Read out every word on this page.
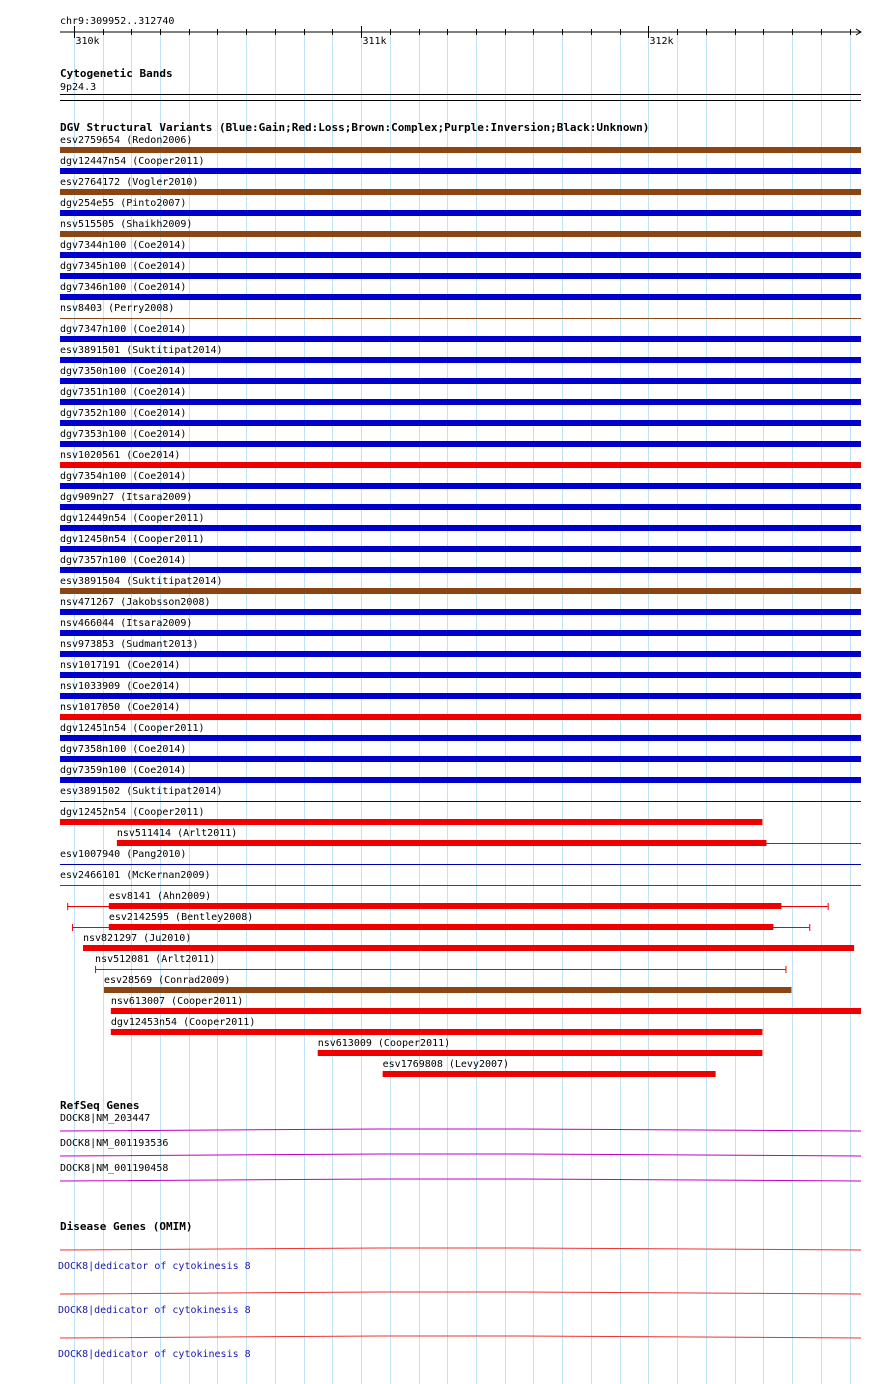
chr9:309952..312740
310k	311k	312k
Cytogenetic Bands
9p24.3
DGV Structural Variants (Blue:Gain;Red:Loss;Brown:Complex;Purple:Inversion;Black:Unknown)
esv2759654 (Redon2006)
dgv12447n54 (Cooper2011)
esv2764172 (Vogler2010)
dgv254e55 (Pinto2007)
nsv515505 (Shaikh2009)
dgv7344n100 (Coe2014)
dgv7345n100 (Coe2014)
dgv7346n100 (Coe2014)
nsv8403 (Perry2008)
dgv7347n100 (Coe2014)
esv3891501 (Suktitipat2014)
dgv7350n100 (Coe2014)
dgv7351n100 (Coe2014)
dgv7352n100 (Coe2014)
dgv7353n100 (Coe2014)
nsv1020561 (Coe2014)
dgv7354n100 (Coe2014)
dgv909n27 (Itsara2009)
dgv12449n54 (Cooper2011)
dgv12450n54 (Cooper2011)
dgv7357n100 (Coe2014)
esv3891504 (Suktitipat2014)
nsv471267 (Jakobsson2008)
nsv466044 (Itsara2009)
nsv973853 (Sudmant2013)
nsv1017191 (Coe2014)
nsv1033909 (Coe2014)
nsv1017050 (Coe2014)
dgv12451n54 (Cooper2011)
dgv7358n100 (Coe2014)
dgv7359n100 (Coe2014)
esv3891502 (Suktitipat2014)
dgv12452n54 (Cooper2011)
nsv511414 (Arlt2011)
esv1007940 (Pang2010)
esv2466101 (McKernan2009)
esv8141 (Ahn2009)
esv2142595 (Bentley2008)
nsv821297 (Ju2010)
nsv512081 (Arlt2011)
esv28569 (Conrad2009)
nsv613007 (Cooper2011)
dgv12453n54 (Cooper2011)
nsv613009 (Cooper2011)
esv1769808 (Levy2007)
RefSeq Genes
DOCK8|NM_203447
DOCK8|NM_001193536
DOCK8|NM_001190458
Disease Genes (OMIM)
DOCK8|dedicator of cytokinesis 8
DOCK8|dedicator of cytokinesis 8
DOCK8|dedicator of cytokinesis 8
